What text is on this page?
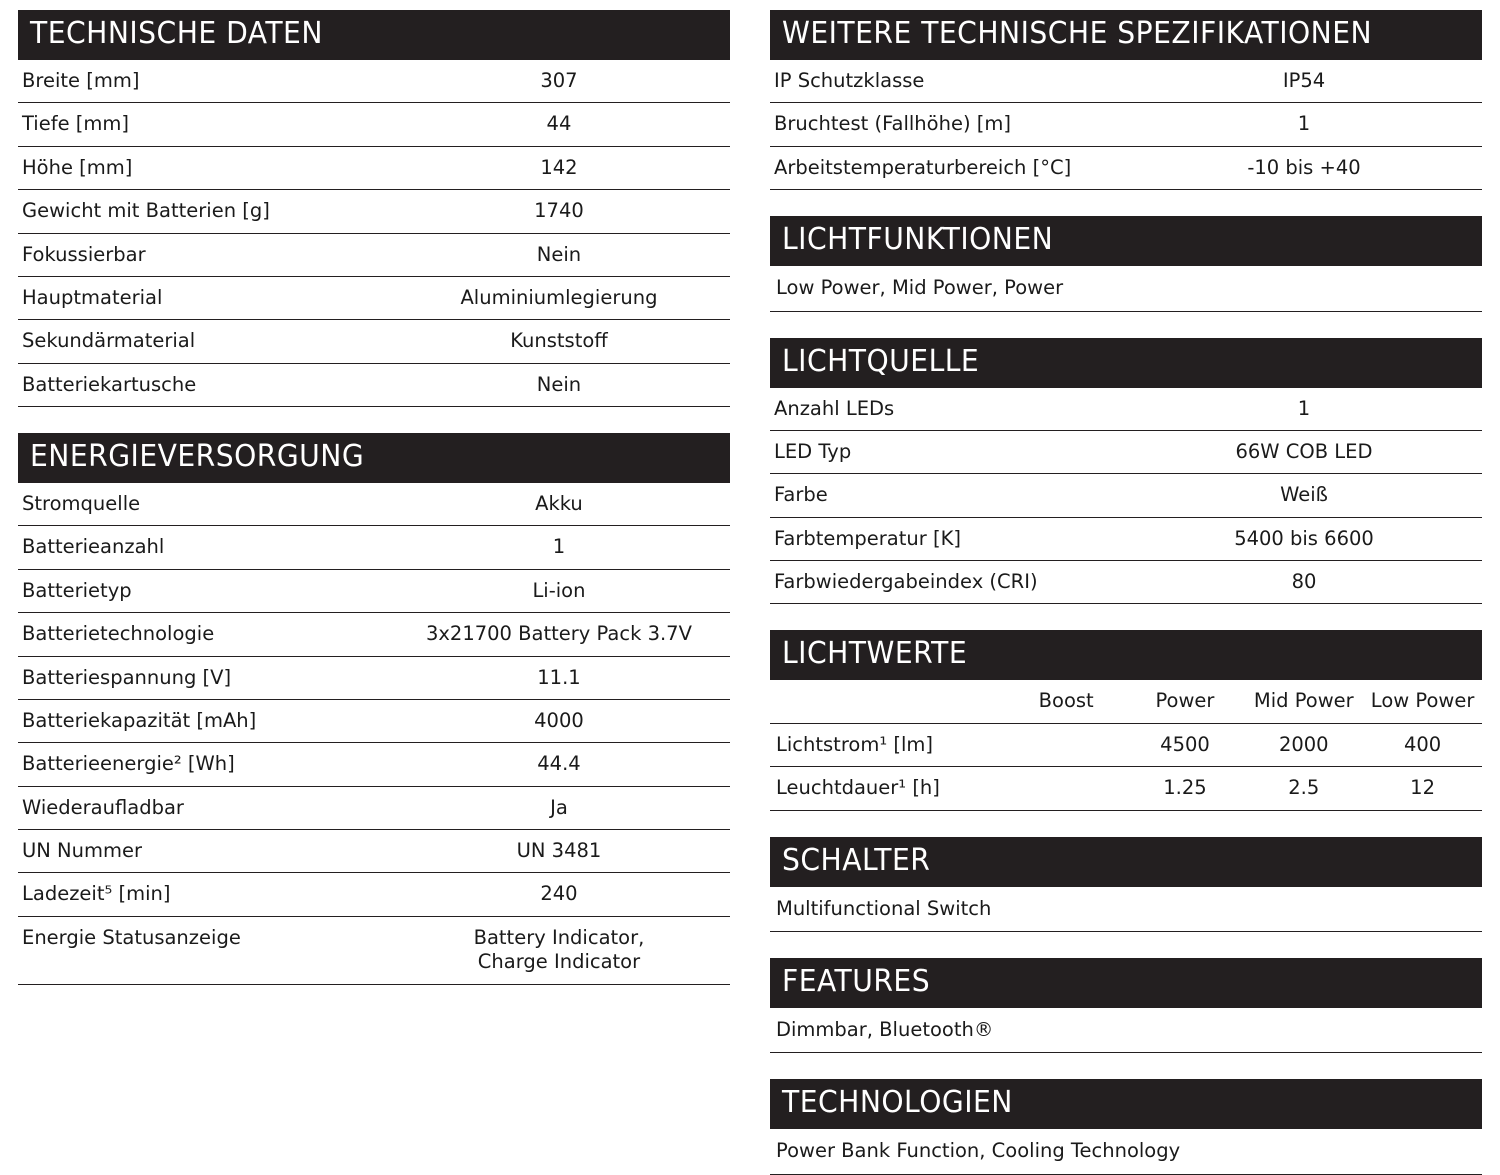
TECHNISCHE DATEN
Breite [mm]	307
Tiefe [mm]	44
Höhe [mm]	142
Gewicht mit Batterien [g]	1740
Fokussierbar	Nein
Hauptmaterial	Aluminiumlegierung
Sekundärmaterial	Kunststoff
Batteriekartusche	Nein
ENERGIEVERSORGUNG
Stromquelle	Akku
Batterieanzahl	1
Batterietyp	Li-ion
Batterietechnologie	3x21700 Battery Pack 3.7V
Batteriespannung [V]	11.1
Batteriekapazität [mAh]	4000
Batterieenergie² [Wh]	44.4
Wiederaufladbar	Ja
UN Nummer	UN 3481
Ladezeit⁵ [min]	240
Energie Statusanzeige	Battery Indicator,
Charge Indicator
WEITERE TECHNISCHE SPEZIFIKATIONEN
IP Schutzklasse	IP54
Bruchtest (Fallhöhe) [m]	1
Arbeitstemperaturbereich [°C]	-10 bis +40
LICHTFUNKTIONEN
Low Power, Mid Power, Power
LICHTQUELLE
Anzahl LEDs	1
LED Typ	66W COB LED
Farbe	Weiß
Farbtemperatur [K]	5400 bis 6600
Farbwiedergabeindex (CRI)	80
LICHTWERTE
	Boost	Power	Mid Power	Low Power
Lichtstrom¹ [lm]		4500	2000	400
Leuchtdauer¹ [h]		1.25	2.5	12
SCHALTER
Multifunctional Switch
FEATURES
Dimmbar, Bluetooth®
TECHNOLOGIEN
Power Bank Function, Cooling Technology
